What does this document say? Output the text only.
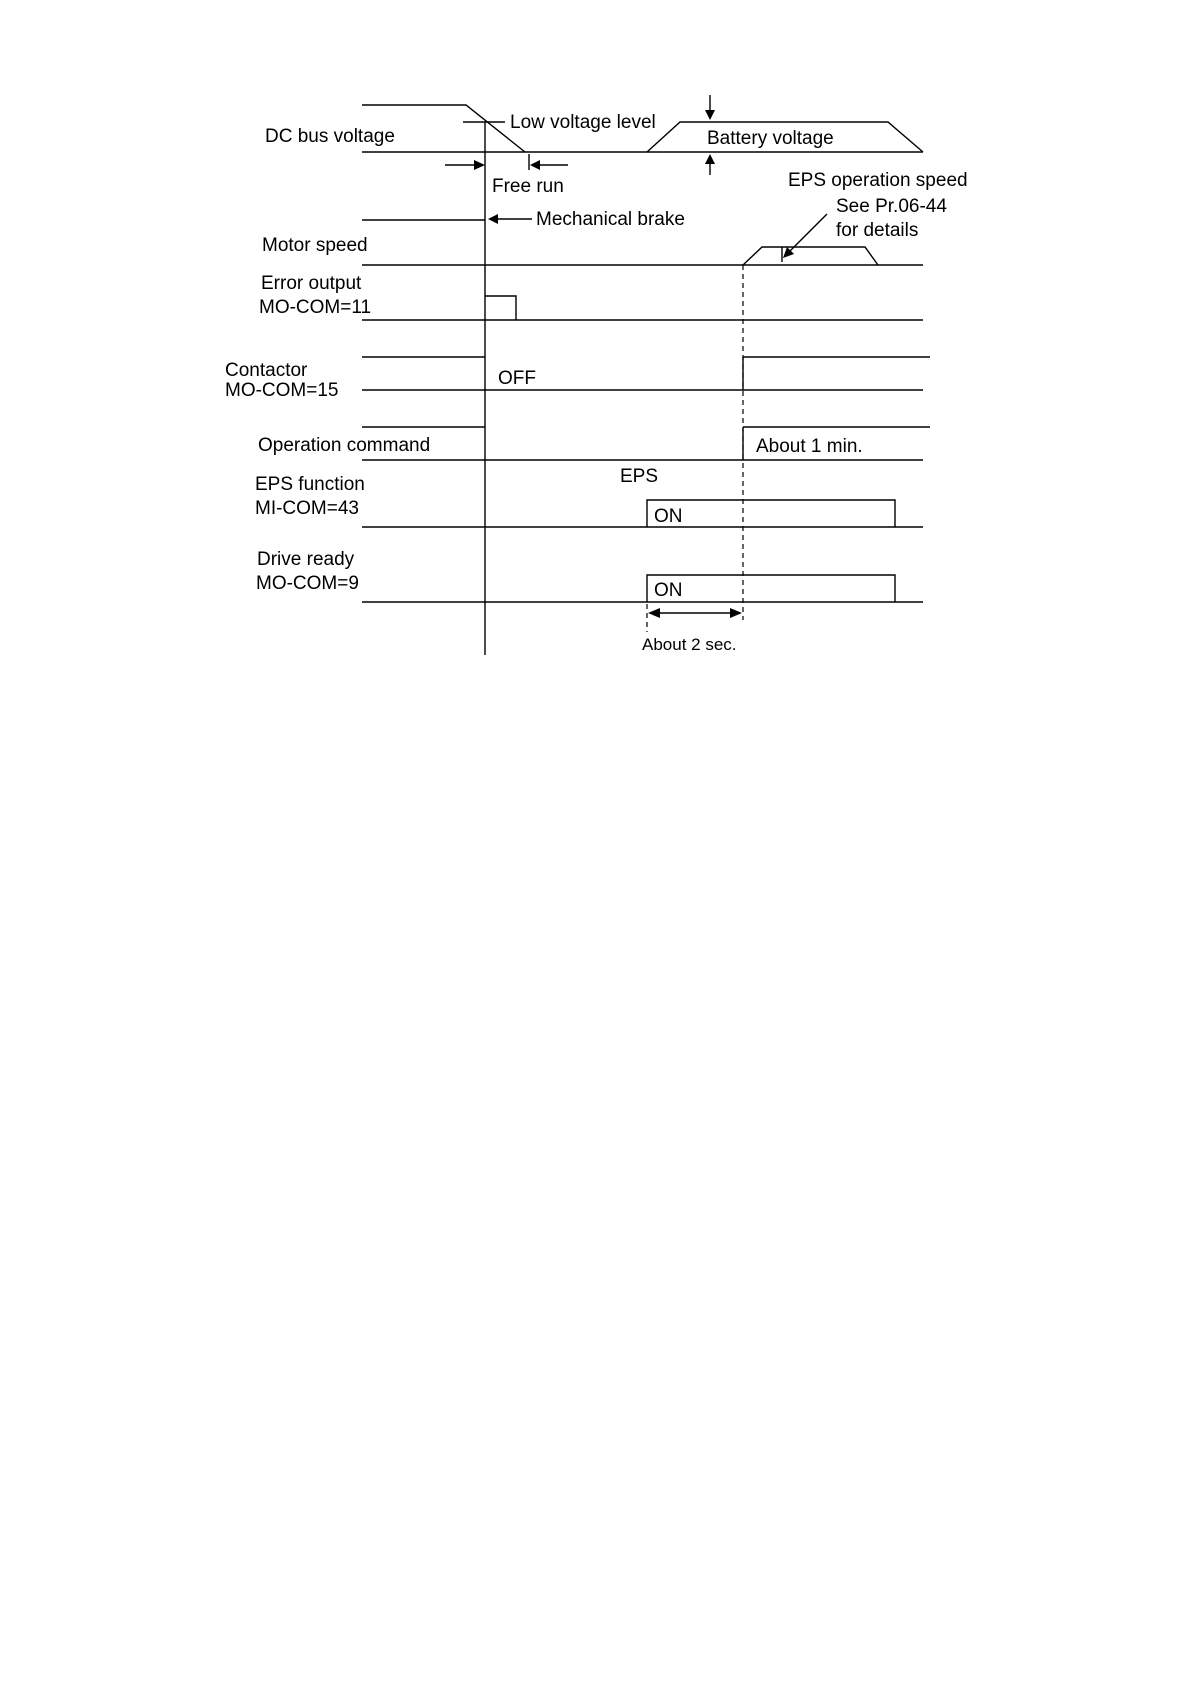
DC bus voltage
Motor speed
Error output
MO-COM=11
Contactor
MO-COM=15
Operation command
EPS function
MI-COM=43
Drive ready
MO-COM=9
Low voltage level
Battery voltage
Free run
Mechanical brake
EPS operation speed
See Pr.06-44
for details
OFF
About 1 min.
EPS
ON
ON
About 2 sec.
